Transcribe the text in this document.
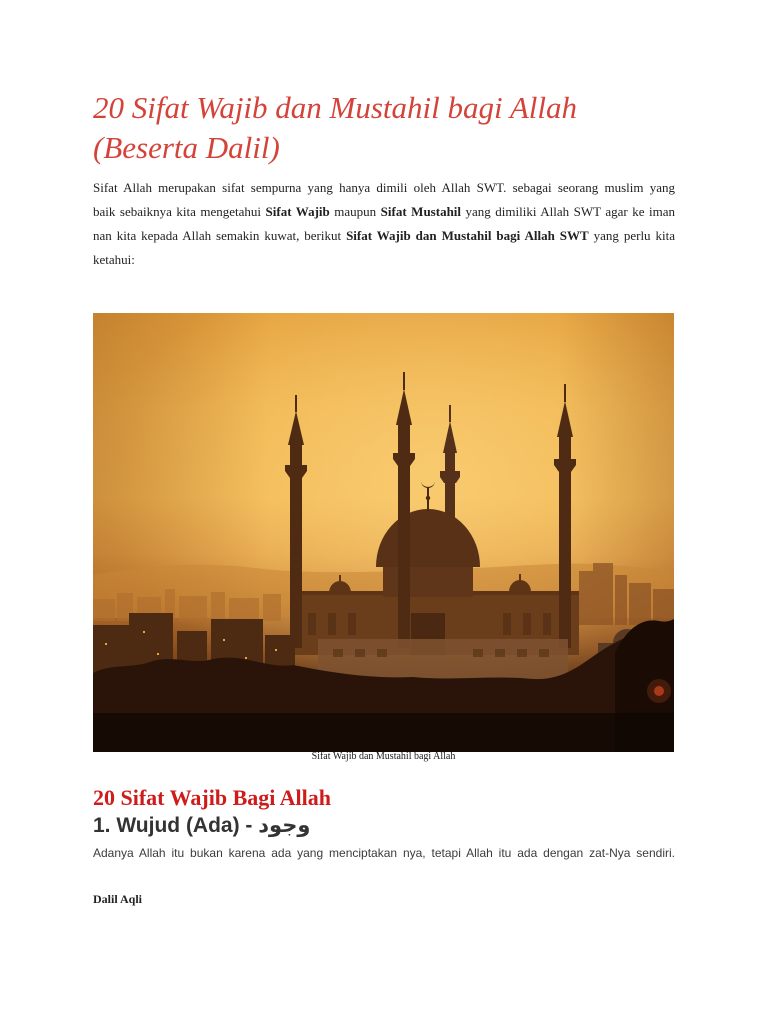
20 Sifat Wajib dan Mustahil bagi Allah (Beserta Dalil)

Sifat Allah merupakan sifat sempurna yang hanya dimili oleh Allah SWT. sebagai seorang muslim yang
baik sebaiknya kita mengetahui Sifat Wajib maupun Sifat Mustahil yang dimiliki Allah SWT agar ke iman
nan kita kepada Allah semakin kuwat, berikut Sifat Wajib dan Mustahil bagi Allah SWT yang perlu kita
ketahui:

Sifat Wajib dan Mustahil bagi Allah

20 Sifat Wajib Bagi Allah
1. Wujud (Ada) - وجود

Adanya Allah itu bukan karena ada yang menciptakan nya, tetapi Allah itu ada dengan zat-Nya sendiri.

Dalil Aqli
